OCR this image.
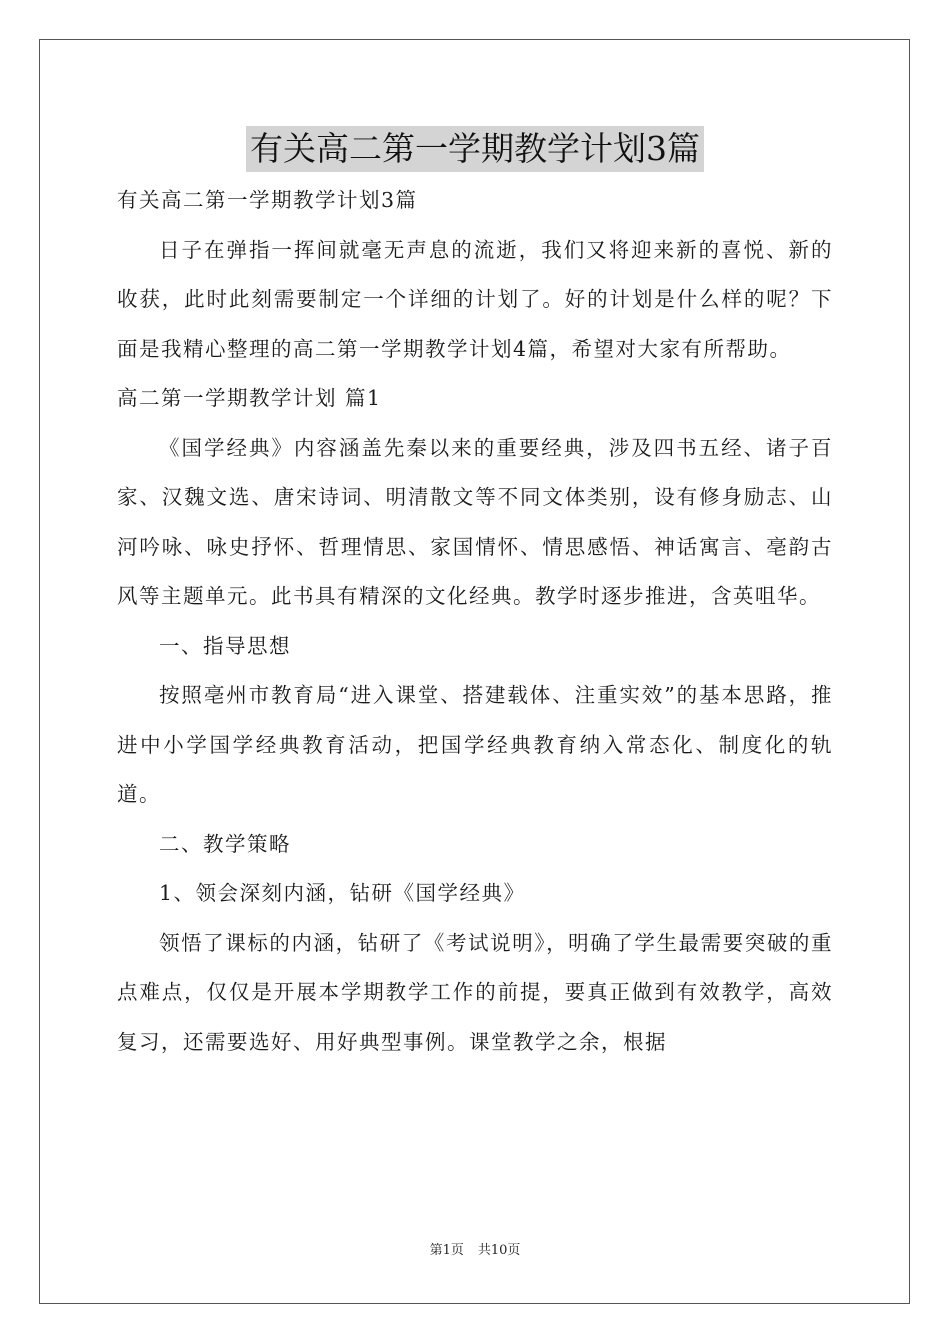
有关高二第一学期教学计划3篇

有关高二第一学期教学计划3篇

日子在弹指一挥间就毫无声息的流逝，我们又将迎来新的喜悦、新的收获，此时此刻需要制定一个详细的计划了。好的计划是什么样的呢？下面是我精心整理的高二第一学期教学计划4篇，希望对大家有所帮助。

高二第一学期教学计划 篇1

《国学经典》内容涵盖先秦以来的重要经典，涉及四书五经、诸子百家、汉魏文选、唐宋诗词、明清散文等不同文体类别，设有修身励志、山河吟咏、咏史抒怀、哲理情思、家国情怀、情思感悟、神话寓言、亳韵古风等主题单元。此书具有精深的文化经典。教学时逐步推进，含英咀华。

一、指导思想

按照亳州市教育局“进入课堂、搭建载体、注重实效”的基本思路，推进中小学国学经典教育活动，把国学经典教育纳入常态化、制度化的轨道。

二、教学策略

1、领会深刻内涵，钻研《国学经典》

领悟了课标的内涵，钻研了《考试说明》，明确了学生最需要突破的重点难点，仅仅是开展本学期教学工作的前提，要真正做到有效教学，高效复习，还需要选好、用好典型事例。课堂教学之余，根据

第1页 共10页
